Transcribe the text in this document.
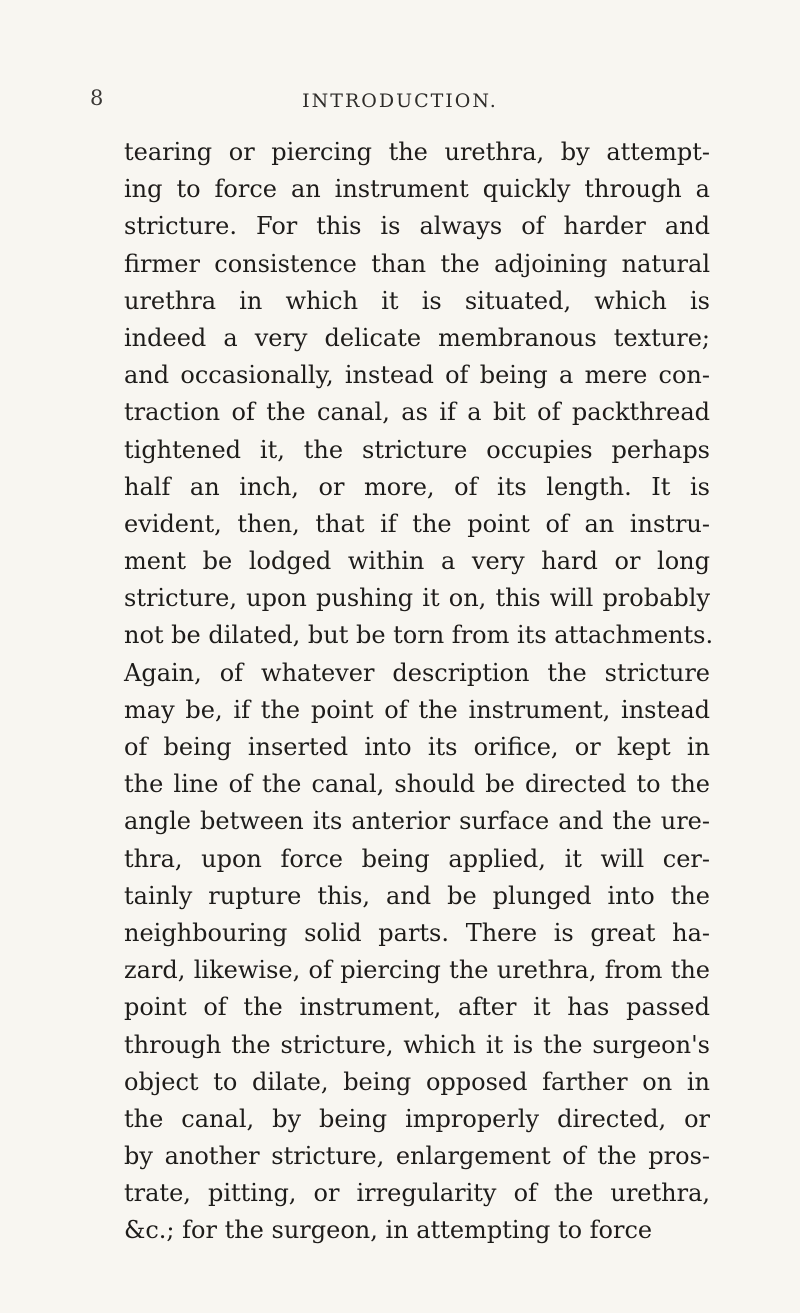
8	INTRODUCTION.
tearing or piercing the urethra, by attempt-
ing to force an instrument quickly through a
stricture. For this is always of harder and
firmer consistence than the adjoining natural
urethra in which it is situated, which is
indeed a very delicate membranous texture;
and occasionally, instead of being a mere con-
traction of the canal, as if a bit of packthread
tightened it, the stricture occupies perhaps
half an inch, or more, of its length. It is
evident, then, that if the point of an instru-
ment be lodged within a very hard or long
stricture, upon pushing it on, this will probably
not be dilated, but be torn from its attachments.
Again, of whatever description the stricture
may be, if the point of the instrument, instead
of being inserted into its orifice, or kept in
the line of the canal, should be directed to the
angle between its anterior surface and the ure-
thra, upon force being applied, it will cer-
tainly rupture this, and be plunged into the
neighbouring solid parts. There is great ha-
zard, likewise, of piercing the urethra, from the
point of the instrument, after it has passed
through the stricture, which it is the surgeon's
object to dilate, being opposed farther on in
the canal, by being improperly directed, or
by another stricture, enlargement of the pros-
trate, pitting, or irregularity of the urethra,
&c.; for the surgeon, in attempting to force
